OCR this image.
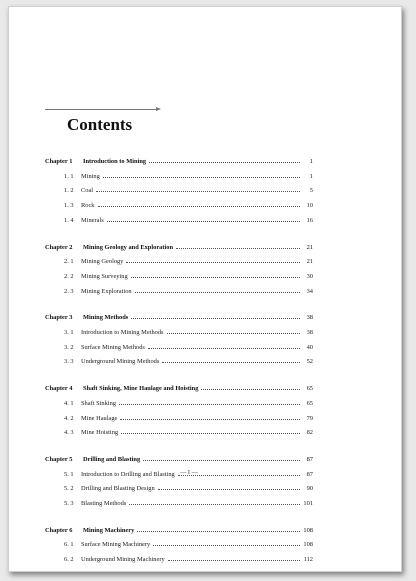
Contents
Chapter 1	Introduction to Mining	1
1. 1	Mining	1
1. 2	Coal	5
1. 3	Rock	10
1. 4	Minerals	16
Chapter 2	Mining Geology and Exploration	21
2. 1	Mining Geology	21
2. 2	Mining Surveying	30
2. 3	Mining Exploration	34
Chapter 3	Mining Methods	38
3. 1	Introduction to Mining Methods	38
3. 2	Surface Mining Methods	40
3. 3	Underground Mining Methods	52
Chapter 4	Shaft Sinking, Mine Haulage and Hoisting	65
4. 1	Shaft Sinking	65
4. 2	Mine Haulage	79
4. 3	Mine Hoisting	82
Chapter 5	Drilling and Blasting	87
5. 1	Introduction to Drilling and Blasting	87
5. 2	Drilling and Blasting Design	90
5. 3	Blasting Methods	101
Chapter 6	Mining Machinery	108
6. 1	Surface Mining Machinery	108
6. 2	Underground Mining Machinery	112
— I —
